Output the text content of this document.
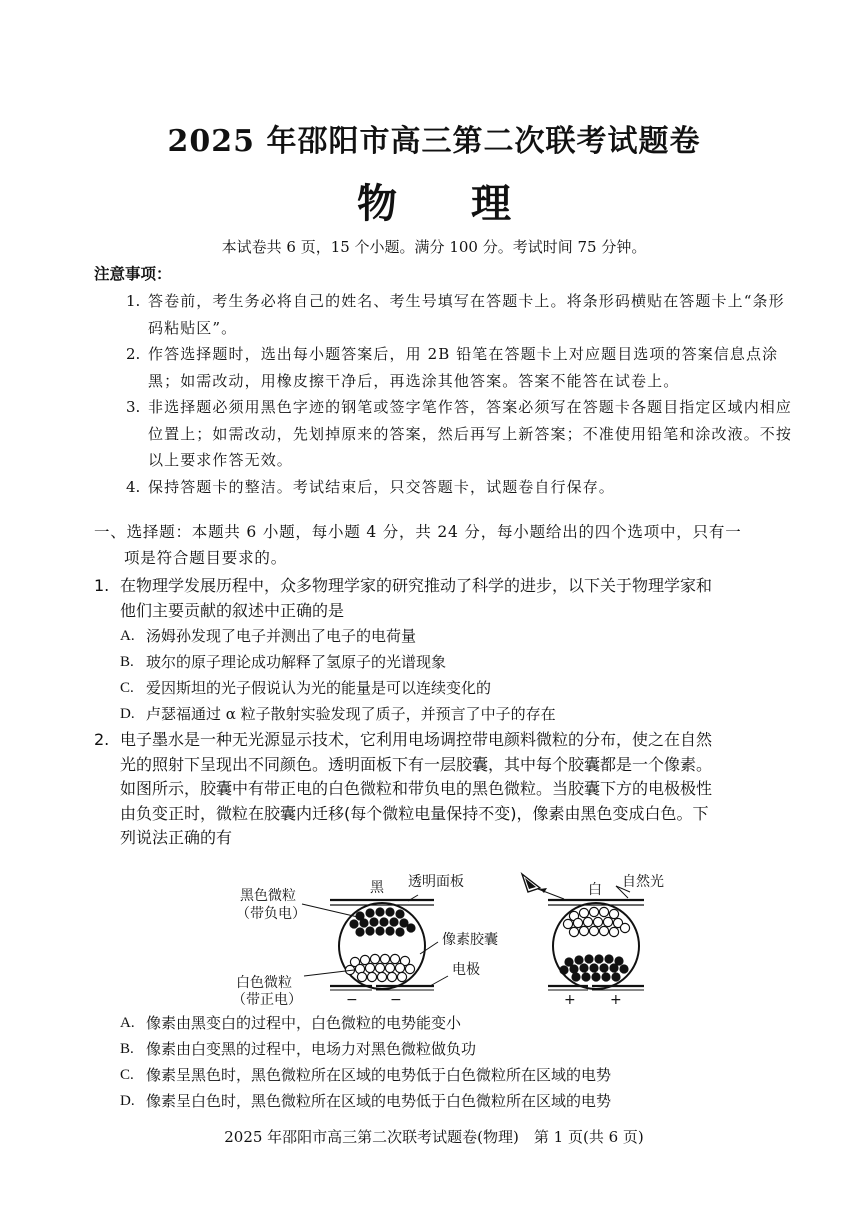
2025 年邵阳市高三第二次联考试题卷
物 理
本试卷共 6 页，15 个小题。满分 100 分。考试时间 75 分钟。
注意事项：
1. 答卷前，考生务必将自己的姓名、考生号填写在答题卡上。将条形码横贴在答题卡上“条形码粘贴区”。
2. 作答选择题时，选出每小题答案后，用 2B 铅笔在答题卡上对应题目选项的答案信息点涂黑；如需改动，用橡皮擦干净后，再选涂其他答案。答案不能答在试卷上。
3. 非选择题必须用黑色字迹的钢笔或签字笔作答，答案必须写在答题卡各题目指定区域内相应位置上；如需改动，先划掉原来的答案，然后再写上新答案；不准使用铅笔和涂改液。不按以上要求作答无效。
4. 保持答题卡的整洁。考试结束后，只交答题卡，试题卷自行保存。
一、选择题：本题共 6 小题，每小题 4 分，共 24 分，每小题给出的四个选项中，只有一
项是符合题目要求的。
1. 在物理学发展历程中，众多物理学家的研究推动了科学的进步，以下关于物理学家和
他们主要贡献的叙述中正确的是
A. 汤姆孙发现了电子并测出了电子的电荷量
B. 玻尔的原子理论成功解释了氢原子的光谱现象
C. 爱因斯坦的光子假说认为光的能量是可以连续变化的
D. 卢瑟福通过 α 粒子散射实验发现了质子，并预言了中子的存在
2. 电子墨水是一种无光源显示技术，它利用电场调控带电颜料微粒的分布，使之在自然
光的照射下呈现出不同颜色。透明面板下有一层胶囊，其中每个胶囊都是一个像素。
如图所示，胶囊中有带正电的白色微粒和带负电的黑色微粒。当胶囊下方的电极极性
由负变正时，微粒在胶囊内迁移(每个微粒电量保持不变)，像素由黑色变成白色。下
列说法正确的有
黑色微粒
（带负电）
白色微粒
（带正电）
黑 透明面板
像素胶囊
电极
− −
白 自然光
+ +
A. 像素由黑变白的过程中，白色微粒的电势能变小
B. 像素由白变黑的过程中，电场力对黑色微粒做负功
C. 像素呈黑色时，黑色微粒所在区域的电势低于白色微粒所在区域的电势
D. 像素呈白色时，黑色微粒所在区域的电势低于白色微粒所在区域的电势
2025 年邵阳市高三第二次联考试题卷(物理)　第 1 页(共 6 页)
